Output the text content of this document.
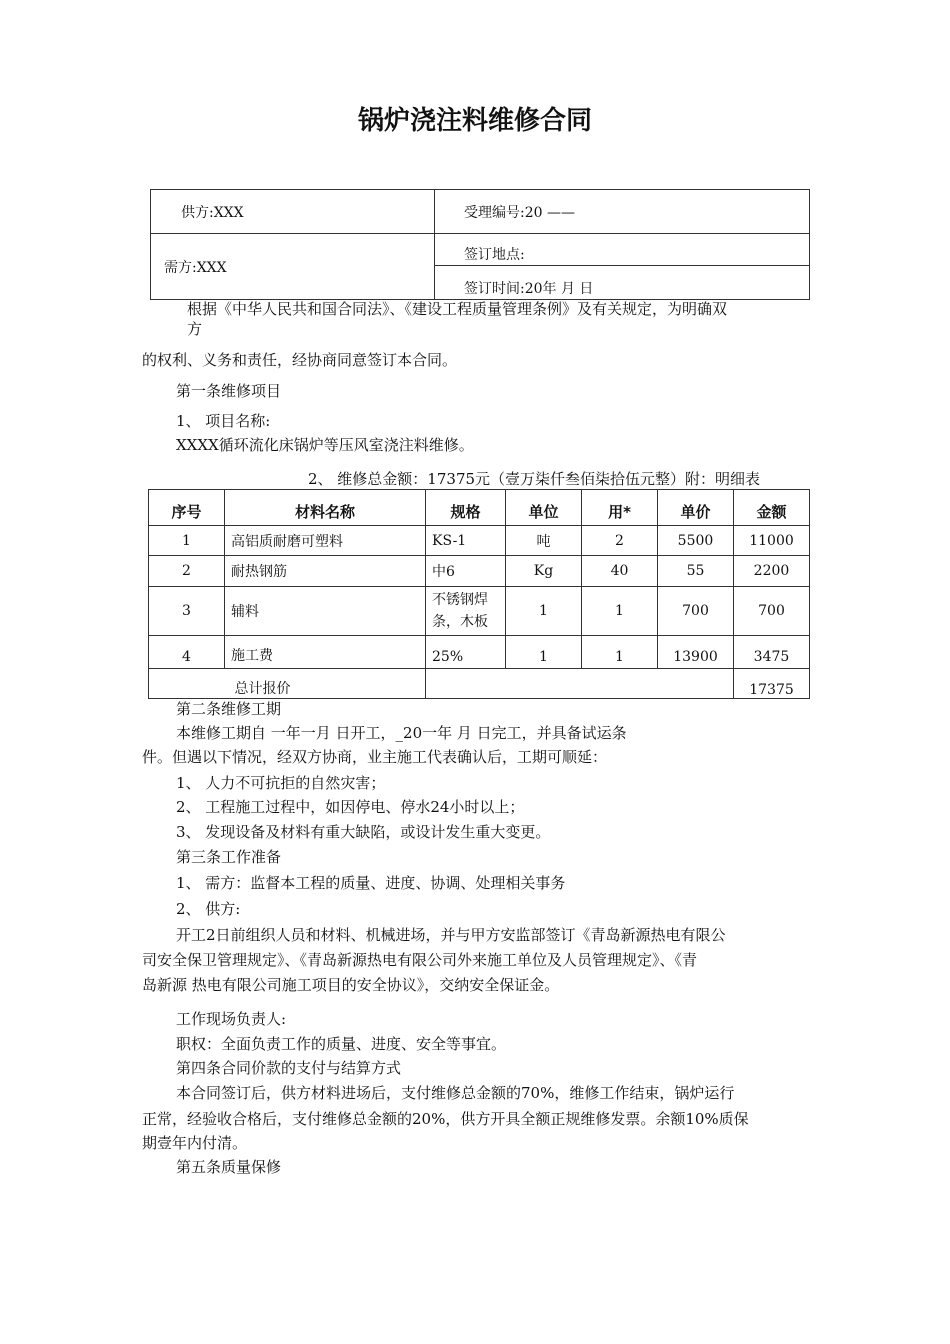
锅炉浇注料维修合同
供方:XXX	受理编号:20 ——
需方:XXX
签订地点:
签订时间:20年 月 日
根据《中华人民共和国合同法》、《建设工程质量管理条例》及有关规定，为明确双
方
的权利、义务和责任，经协商同意签订本合同。
第一条维修项目
1、 项目名称:
XXXX循环流化床锅炉等压风室浇注料维修。
2、 维修总金额：17375元（壹万柒仟叁佰柒拾伍元整）附：明细表
序号	材料名称	规格	单位	用*	单价	金额
1	高铝质耐磨可塑料	KS-1	吨	2	5500	11000
2	耐热钢筋	中6	Kg	40	55	2200
3	辅料	不锈钢焊条，木板	1	1	700	700
4	施工费	25%	1	1	13900	3475
	总计报价					17375
第二条维修工期
本维修工期自 一年一月 日开工，_20一年 月 日完工，并具备试运条
件。但遇以下情况，经双方协商，业主施工代表确认后，工期可顺延：
1、 人力不可抗拒的自然灾害；
2、 工程施工过程中，如因停电、停水24小时以上；
3、 发现设备及材料有重大缺陷，或设计发生重大变更。
第三条工作准备
1、 需方：监督本工程的质量、进度、协调、处理相关事务
2、 供方:
开工2日前组织人员和材料、机械进场，并与甲方安监部签订《青岛新源热电有限公
司安全保卫管理规定》、《青岛新源热电有限公司外来施工单位及人员管理规定》、《青
岛新源 热电有限公司施工项目的安全协议》，交纳安全保证金。
工作现场负责人:
职权：全面负责工作的质量、进度、安全等事宜。
第四条合同价款的支付与结算方式
本合同签订后，供方材料进场后，支付维修总金额的70%，维修工作结束，锅炉运行
正常，经验收合格后，支付维修总金额的20%，供方开具全额正规维修发票。余额10%质保
期壹年内付清。
第五条质量保修
